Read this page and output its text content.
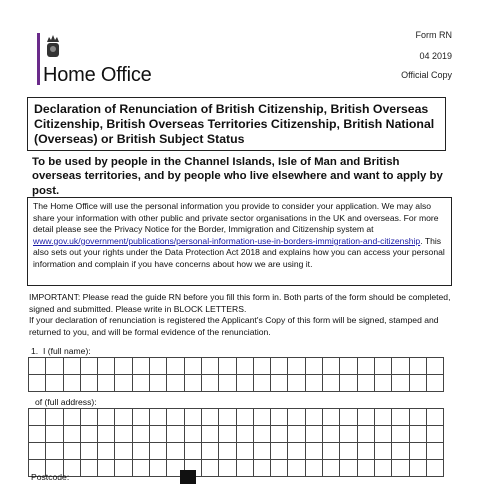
Home Office
Form RN
04 2019
Official Copy
Declaration of Renunciation of British Citizenship, British Overseas Citizenship, British Overseas Territories Citizenship, British National (Overseas) or British Subject Status
To be used by people in the Channel Islands, Isle of Man and British overseas territories, and by people who live elsewhere and want to apply by post.
The Home Office will use the personal information you provide to consider your application. We may also share your information with other public and private sector organisations in the UK and overseas. For more detail please see the Privacy Notice for the Border, Immigration and Citizenship system at www.gov.uk/government/publications/personal-information-use-in-borders-immigration-and-citizenship. This also sets out your rights under the Data Protection Act 2018 and explains how you can access your personal information and complain if you have concerns about how we are using it.
IMPORTANT: Please read the guide RN before you fill this form in. Both parts of the form should be completed, signed and submitted. Please write in BLOCK LETTERS.
If your declaration of renunciation is registered the Applicant's Copy of this form will be signed, stamped and returned to you, and will be formal evidence of the renunciation.
1. I (full name):
of (full address):
Postcode:
